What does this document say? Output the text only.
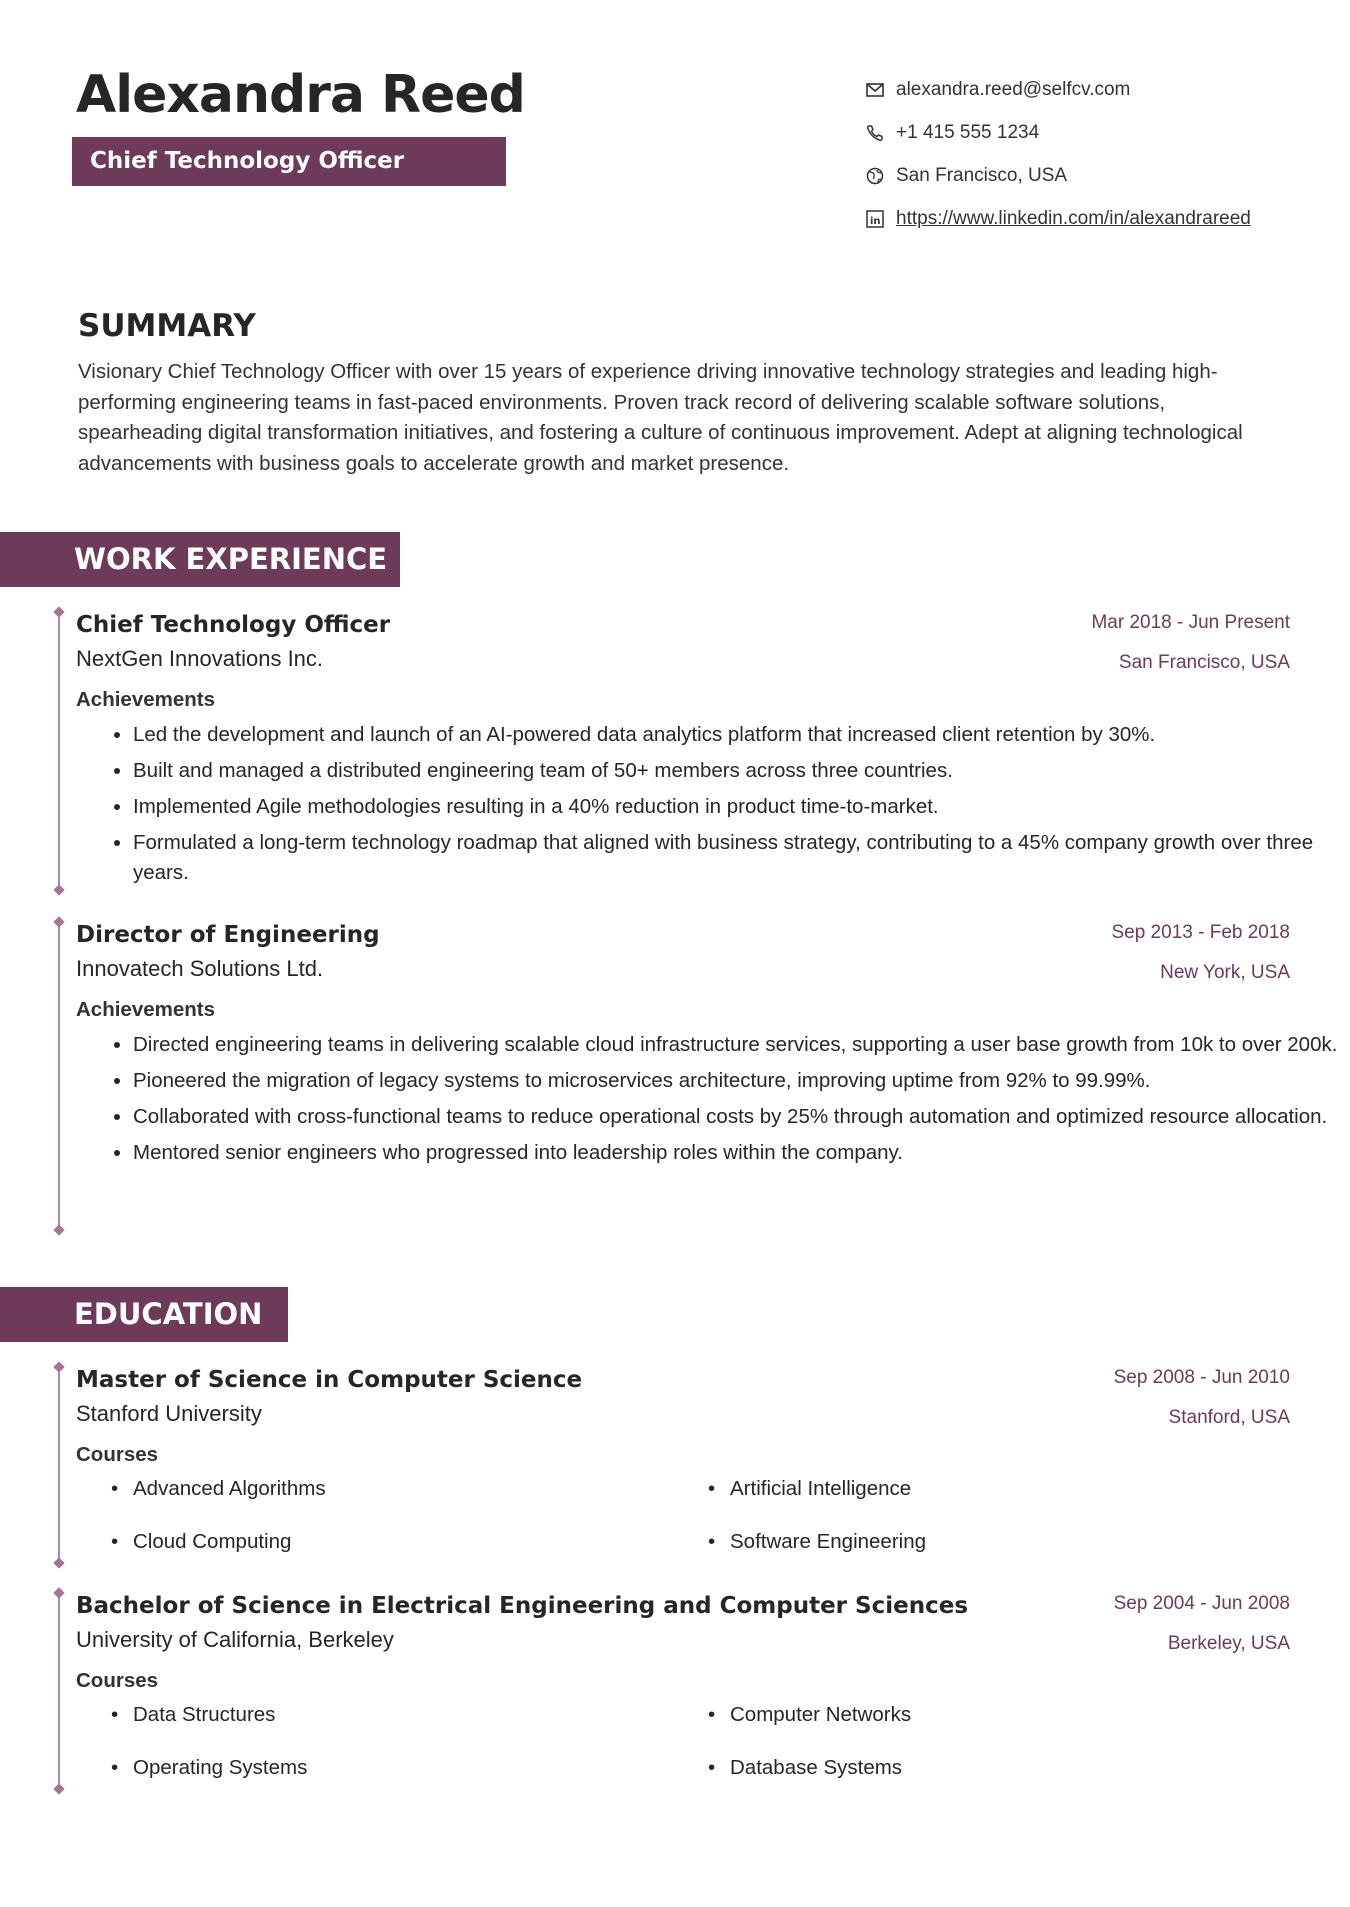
Alexandra Reed
Chief Technology Officer
alexandra.reed@selfcv.com
+1 415 555 1234
San Francisco, USA
in https://www.linkedin.com/in/alexandrareed
SUMMARY

Visionary Chief Technology Officer with over 15 years of experience driving innovative technology strategies and leading high-performing engineering teams in fast-paced environments. Proven track record of delivering scalable software solutions, spearheading digital transformation initiatives, and fostering a culture of continuous improvement. Adept at aligning technological advancements with business goals to accelerate growth and market presence.

WORK EXPERIENCE
Chief Technology Officer
NextGen Innovations Inc.
Mar 2018 - Jun Present
San Francisco, USA
Achievements
• Led the development and launch of an AI-powered data analytics platform that increased client retention by 30%.
• Built and managed a distributed engineering team of 50+ members across three countries.
• Implemented Agile methodologies resulting in a 40% reduction in product time-to-market.
• Formulated a long-term technology roadmap that aligned with business strategy, contributing to a 45% company growth over three years.
Director of Engineering
Innovatech Solutions Ltd.
Sep 2013 - Feb 2018
New York, USA
Achievements
• Directed engineering teams in delivering scalable cloud infrastructure services, supporting a user base growth from 10k to over 200k.
• Pioneered the migration of legacy systems to microservices architecture, improving uptime from 92% to 99.99%.
• Collaborated with cross-functional teams to reduce operational costs by 25% through automation and optimized resource allocation.
• Mentored senior engineers who progressed into leadership roles within the company.
EDUCATION
Master of Science in Computer Science
Stanford University
Sep 2008 - Jun 2010
Stanford, USA
Courses
• Advanced Algorithms	• Artificial Intelligence
• Cloud Computing	• Software Engineering
Bachelor of Science in Electrical Engineering and Computer Sciences
University of California, Berkeley
Sep 2004 - Jun 2008
Berkeley, USA
Courses
• Data Structures	• Computer Networks
• Operating Systems	• Database Systems
